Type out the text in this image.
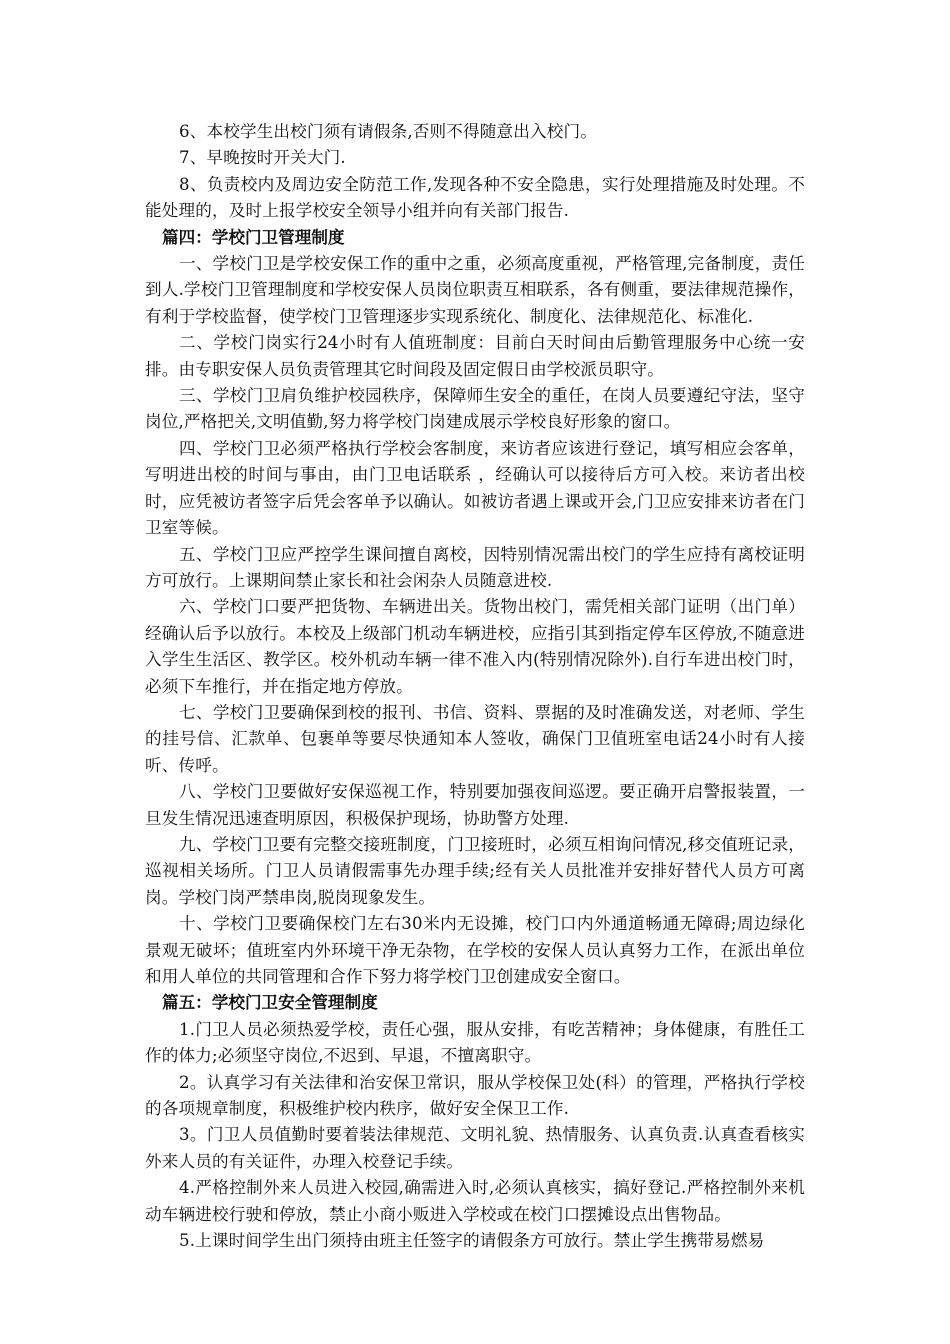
6、本校学生出校门须有请假条,否则不得随意出入校门。

7、早晚按时开关大门.

8、负责校内及周边安全防范工作,发现各种不安全隐患，实行处理措施及时处理。不能处理的，及时上报学校安全领导小组并向有关部门报告.

篇四：学校门卫管理制度

一、学校门卫是学校安保工作的重中之重，必须高度重视，严格管理,完备制度，责任到人.学校门卫管理制度和学校安保人员岗位职责互相联系，各有侧重，要法律规范操作，有利于学校监督，使学校门卫管理逐步实现系统化、制度化、法律规范化、标准化.

二、学校门岗实行24小时有人值班制度：目前白天时间由后勤管理服务中心统一安排。由专职安保人员负责管理其它时间段及固定假日由学校派员职守。

三、学校门卫肩负维护校园秩序，保障师生安全的重任，在岗人员要遵纪守法，坚守岗位,严格把关,文明值勤,努力将学校门岗建成展示学校良好形象的窗口。

四、学校门卫必须严格执行学校会客制度，来访者应该进行登记，填写相应会客单，写明进出校的时间与事由，由门卫电话联系 ，经确认可以接待后方可入校。来访者出校时，应凭被访者签字后凭会客单予以确认。如被访者遇上课或开会,门卫应安排来访者在门卫室等候。

五、学校门卫应严控学生课间擅自离校，因特别情况需出校门的学生应持有离校证明方可放行。上课期间禁止家长和社会闲杂人员随意进校.

六、学校门口要严把货物、车辆进出关。货物出校门，需凭相关部门证明（出门单）经确认后予以放行。本校及上级部门机动车辆进校，应指引其到指定停车区停放,不随意进入学生生活区、教学区。校外机动车辆一律不准入内(特别情况除外).自行车进出校门时，必须下车推行，并在指定地方停放。

七、学校门卫要确保到校的报刊、书信、资料、票据的及时准确发送，对老师、学生的挂号信、汇款单、包裹单等要尽快通知本人签收，确保门卫值班室电话24小时有人接听、传呼。

八、学校门卫要做好安保巡视工作，特别要加强夜间巡逻。要正确开启警报装置，一旦发生情况迅速查明原因，积极保护现场，协助警方处理.

九、学校门卫要有完整交接班制度，门卫接班时，必须互相询问情况,移交值班记录，巡视相关场所。门卫人员请假需事先办理手续;经有关人员批准并安排好替代人员方可离岗。学校门岗严禁串岗,脱岗现象发生。

十、学校门卫要确保校门左右30米内无设摊，校门口内外通道畅通无障碍;周边绿化景观无破坏；值班室内外环境干净无杂物，在学校的安保人员认真努力工作，在派出单位和用人单位的共同管理和合作下努力将学校门卫创建成安全窗口。

篇五：学校门卫安全管理制度

1.门卫人员必须热爱学校，责任心强，服从安排，有吃苦精神；身体健康，有胜任工作的体力;必须坚守岗位,不迟到、早退，不擅离职守。

2。认真学习有关法律和治安保卫常识，服从学校保卫处(科）的管理，严格执行学校的各项规章制度，积极维护校内秩序，做好安全保卫工作.

3。门卫人员值勤时要着装法律规范、文明礼貌、热情服务、认真负责.认真查看核实外来人员的有关证件，办理入校登记手续。

4.严格控制外来人员进入校园,确需进入时,必须认真核实，搞好登记.严格控制外来机动车辆进校行驶和停放，禁止小商小贩进入学校或在校门口摆摊设点出售物品。

5.上课时间学生出门须持由班主任签字的请假条方可放行。禁止学生携带易燃易
